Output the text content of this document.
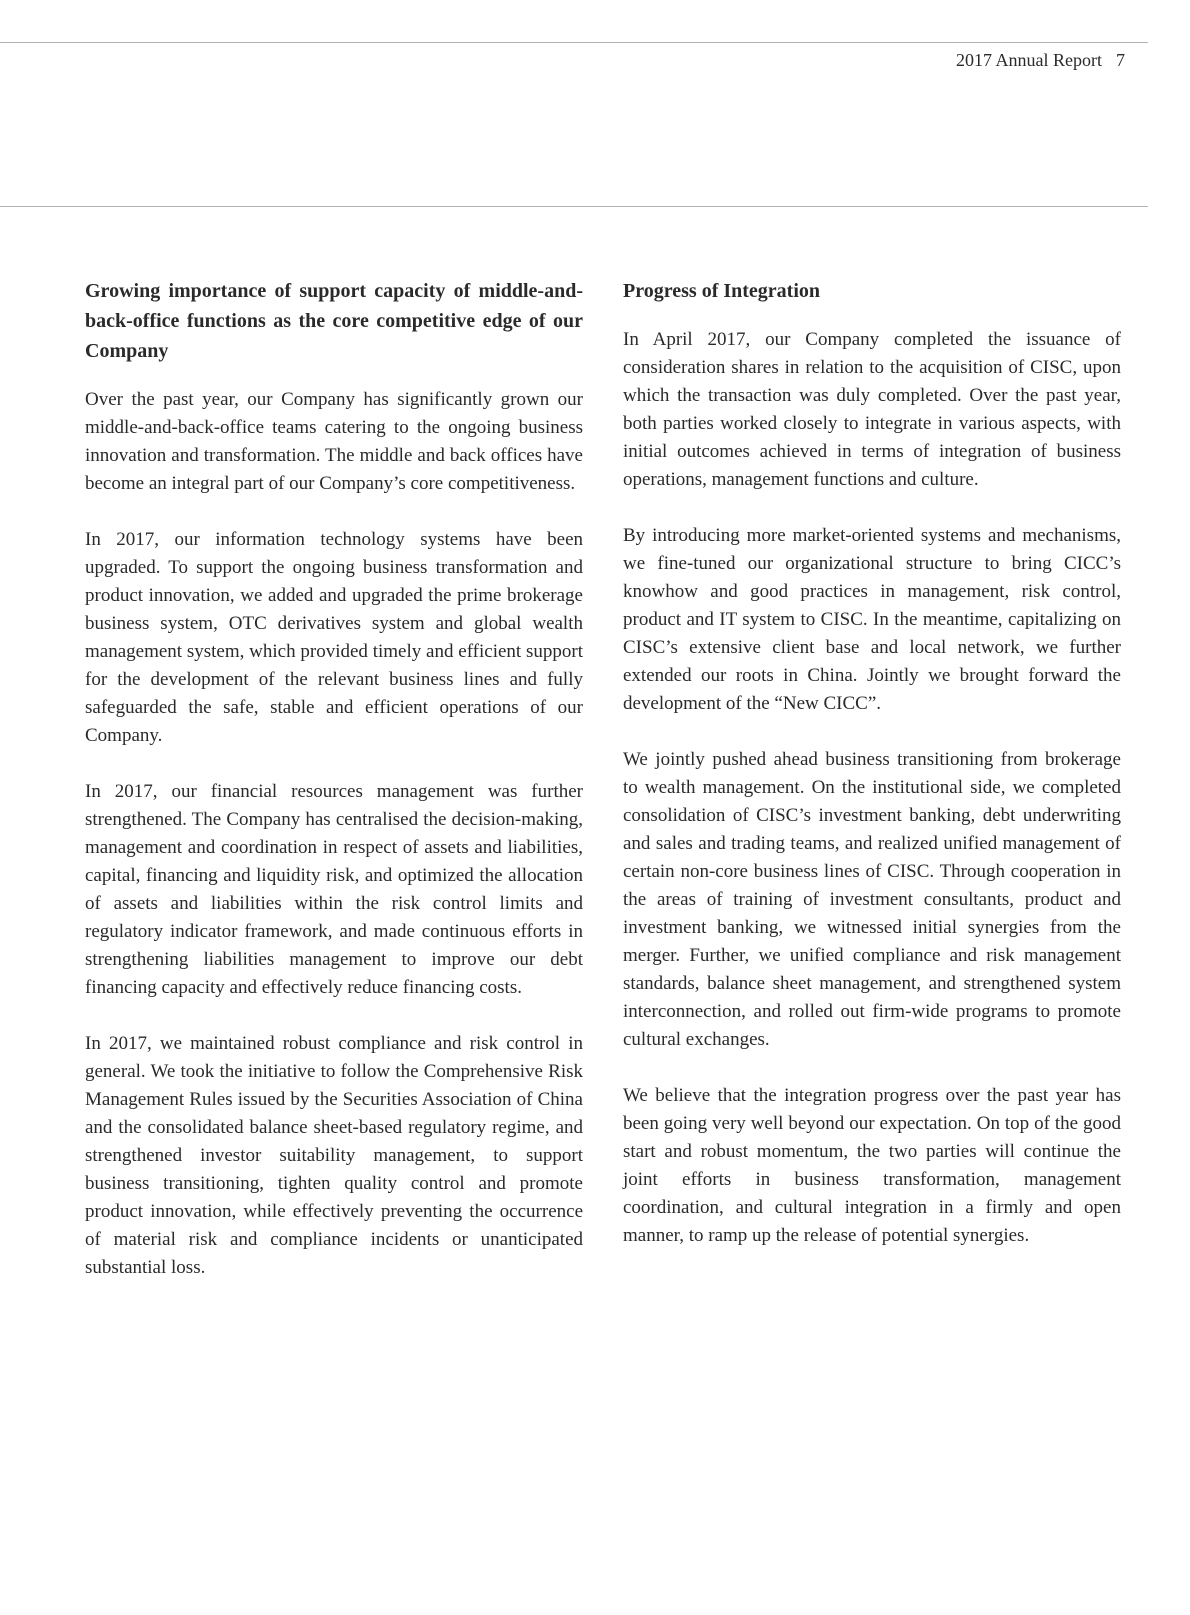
2017 Annual Report 7
Growing importance of support capacity of middle-and-back-office functions as the core competitive edge of our Company

Over the past year, our Company has significantly grown our middle-and-back-office teams catering to the ongoing business innovation and transformation. The middle and back offices have become an integral part of our Company’s core competitiveness.

In 2017, our information technology systems have been upgraded. To support the ongoing business transformation and product innovation, we added and upgraded the prime brokerage business system, OTC derivatives system and global wealth management system, which provided timely and efficient support for the development of the relevant business lines and fully safeguarded the safe, stable and efficient operations of our Company.

In 2017, our financial resources management was further strengthened. The Company has centralised the decision-making, management and coordination in respect of assets and liabilities, capital, financing and liquidity risk, and optimized the allocation of assets and liabilities within the risk control limits and regulatory indicator framework, and made continuous efforts in strengthening liabilities management to improve our debt financing capacity and effectively reduce financing costs.

In 2017, we maintained robust compliance and risk control in general. We took the initiative to follow the Comprehensive Risk Management Rules issued by the Securities Association of China and the consolidated balance sheet-based regulatory regime, and strengthened investor suitability management, to support business transitioning, tighten quality control and promote product innovation, while effectively preventing the occurrence of material risk and compliance incidents or unanticipated substantial loss.

Progress of Integration

In April 2017, our Company completed the issuance of consideration shares in relation to the acquisition of CISC, upon which the transaction was duly completed. Over the past year, both parties worked closely to integrate in various aspects, with initial outcomes achieved in terms of integration of business operations, management functions and culture.

By introducing more market-oriented systems and mechanisms, we fine-tuned our organizational structure to bring CICC’s knowhow and good practices in management, risk control, product and IT system to CISC. In the meantime, capitalizing on CISC’s extensive client base and local network, we further extended our roots in China. Jointly we brought forward the development of the “New CICC”.

We jointly pushed ahead business transitioning from brokerage to wealth management. On the institutional side, we completed consolidation of CISC’s investment banking, debt underwriting and sales and trading teams, and realized unified management of certain non-core business lines of CISC. Through cooperation in the areas of training of investment consultants, product and investment banking, we witnessed initial synergies from the merger. Further, we unified compliance and risk management standards, balance sheet management, and strengthened system interconnection, and rolled out firm-wide programs to promote cultural exchanges.

We believe that the integration progress over the past year has been going very well beyond our expectation. On top of the good start and robust momentum, the two parties will continue the joint efforts in business transformation, management coordination, and cultural integration in a firmly and open manner, to ramp up the release of potential synergies.
